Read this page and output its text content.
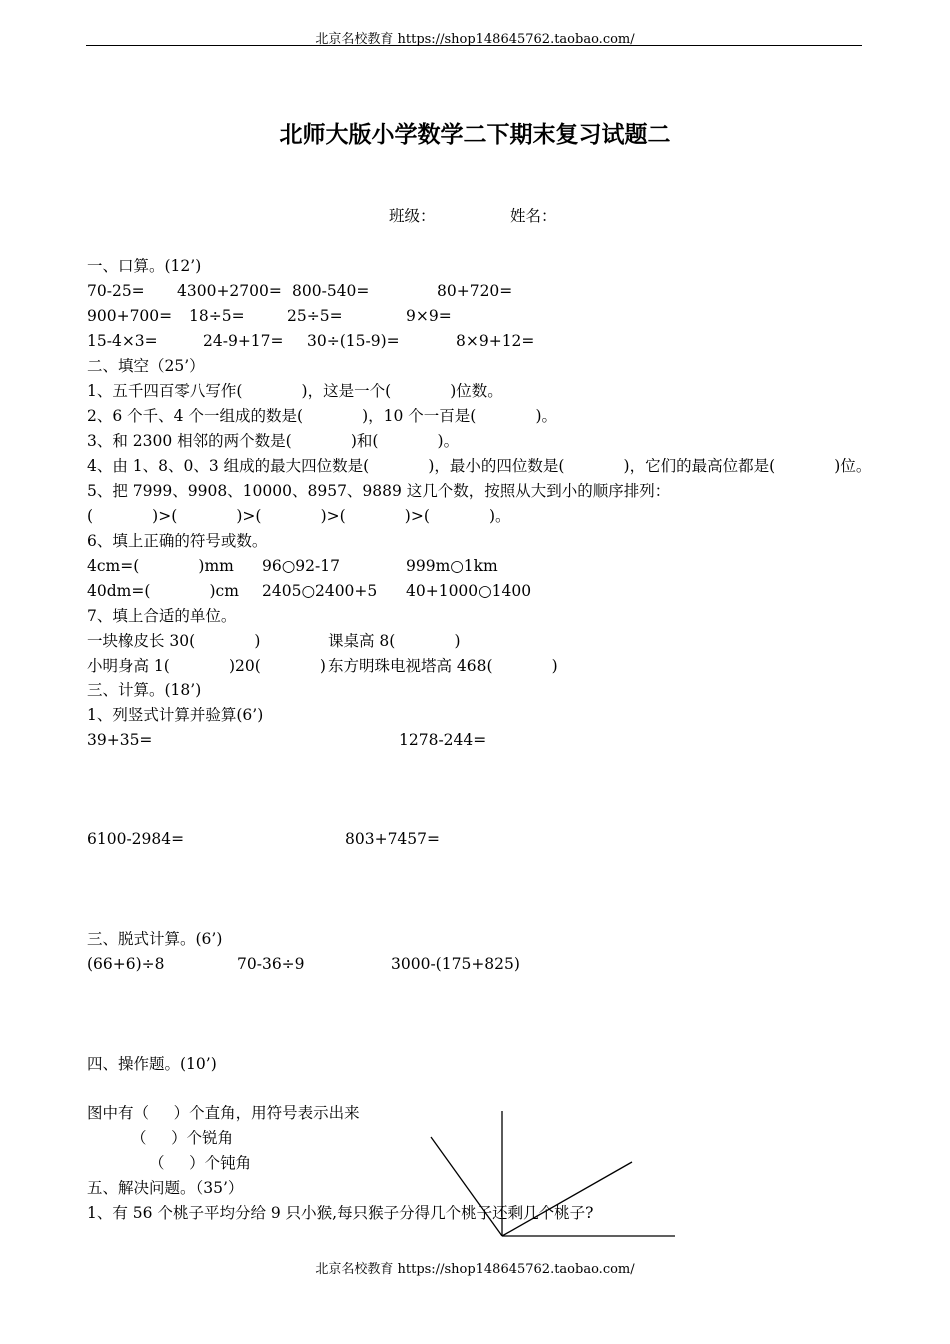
北京名校教育 https://shop148645762.taobao.com/
北师大版小学数学二下期末复习试题二
班级：	姓名：
一、口算。(12’)
70-25= 4300+2700= 800-540=	80+720=
900+700= 18÷5=	25÷5=	9×9=
15-4×3=	24-9+17= 30÷(15-9)=	8×9+12=
二、填空（25’）
1、五千四百零八写作(            )，这是一个(            )位数。
2、6 个千、4 个一组成的数是(            )，10 个一百是(            )。
3、和 2300 相邻的两个数是(            )和(            )。
4、由 1、8、0、3 组成的最大四位数是(            )，最小的四位数是(            )，它们的最高位都是(            )位。
5、把 7999、9908、10000、8957、9889 这几个数，按照从大到小的顺序排列：
(            )>(            )>(            )>(            )>(            )。
6、填上正确的符号或数。
4cm=(            )mm 96○92-17	999m○1km
40dm=(            )cm 2405○2400+5 40+1000○1400
7、填上合适的单位。
一块橡皮长 30(            )	课桌高 8(            )
小明身高 1(            )20(            ) 东方明珠电视塔高 468(            )
三、计算。(18’)
1、列竖式计算并验算(6’)
39+35=	1278-244=
6100-2984=	803+7457=
三、脱式计算。(6’)
(66+6)÷8	70-36÷9	3000-(175+825)
四、操作题。(10’)
图中有（     ）个直角，用符号表示出来
（     ）个锐角
（     ）个钝角
五、解决问题。（35’）
1、有 56 个桃子平均分给 9 只小猴,每只猴子分得几个桃子还剩几个桃子?
北京名校教育 https://shop148645762.taobao.com/
